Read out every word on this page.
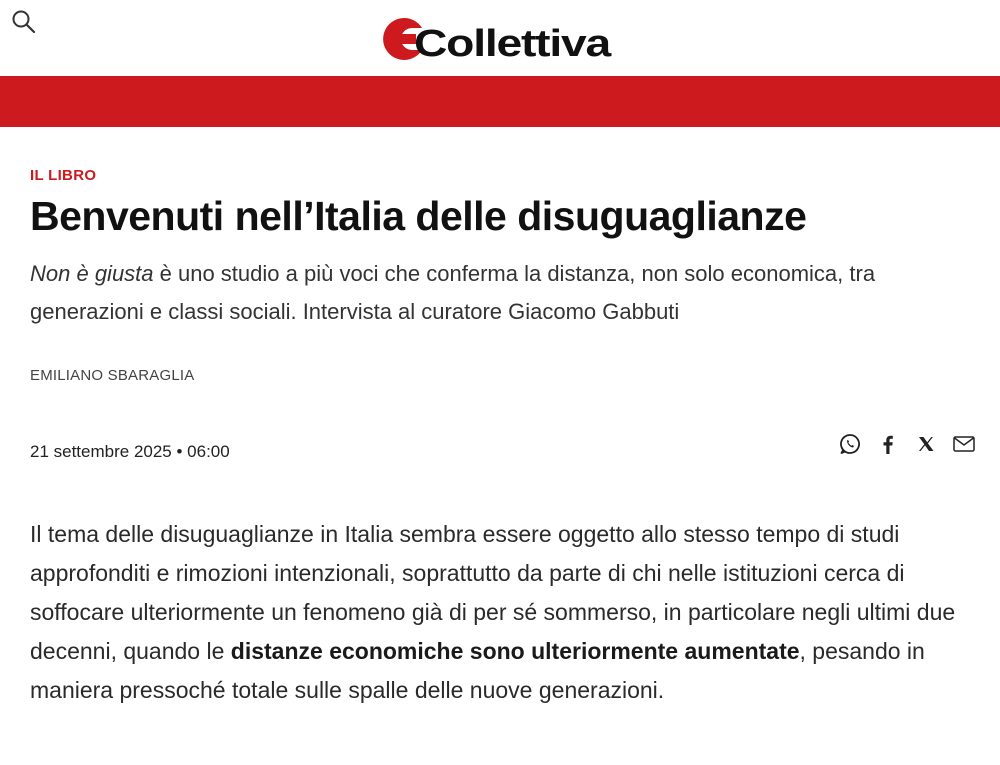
Collettiva
IL LIBRO
Benvenuti nell’Italia delle disuguaglianze

Non è giusta è uno studio a più voci che conferma la distanza, non solo economica, tra generazioni e classi sociali. Intervista al curatore Giacomo Gabbuti

EMILIANO SBARAGLIA
21 settembre 2025 • 06:00

Il tema delle disuguaglianze in Italia sembra essere oggetto allo stesso tempo di studi approfonditi e rimozioni intenzionali, soprattutto da parte di chi nelle istituzioni cerca di soffocare ulteriormente un fenomeno già di per sé sommerso, in particolare negli ultimi due decenni, quando le distanze economiche sono ulteriormente aumentate, pesando in maniera pressoché totale sulle spalle delle nuove generazioni.
